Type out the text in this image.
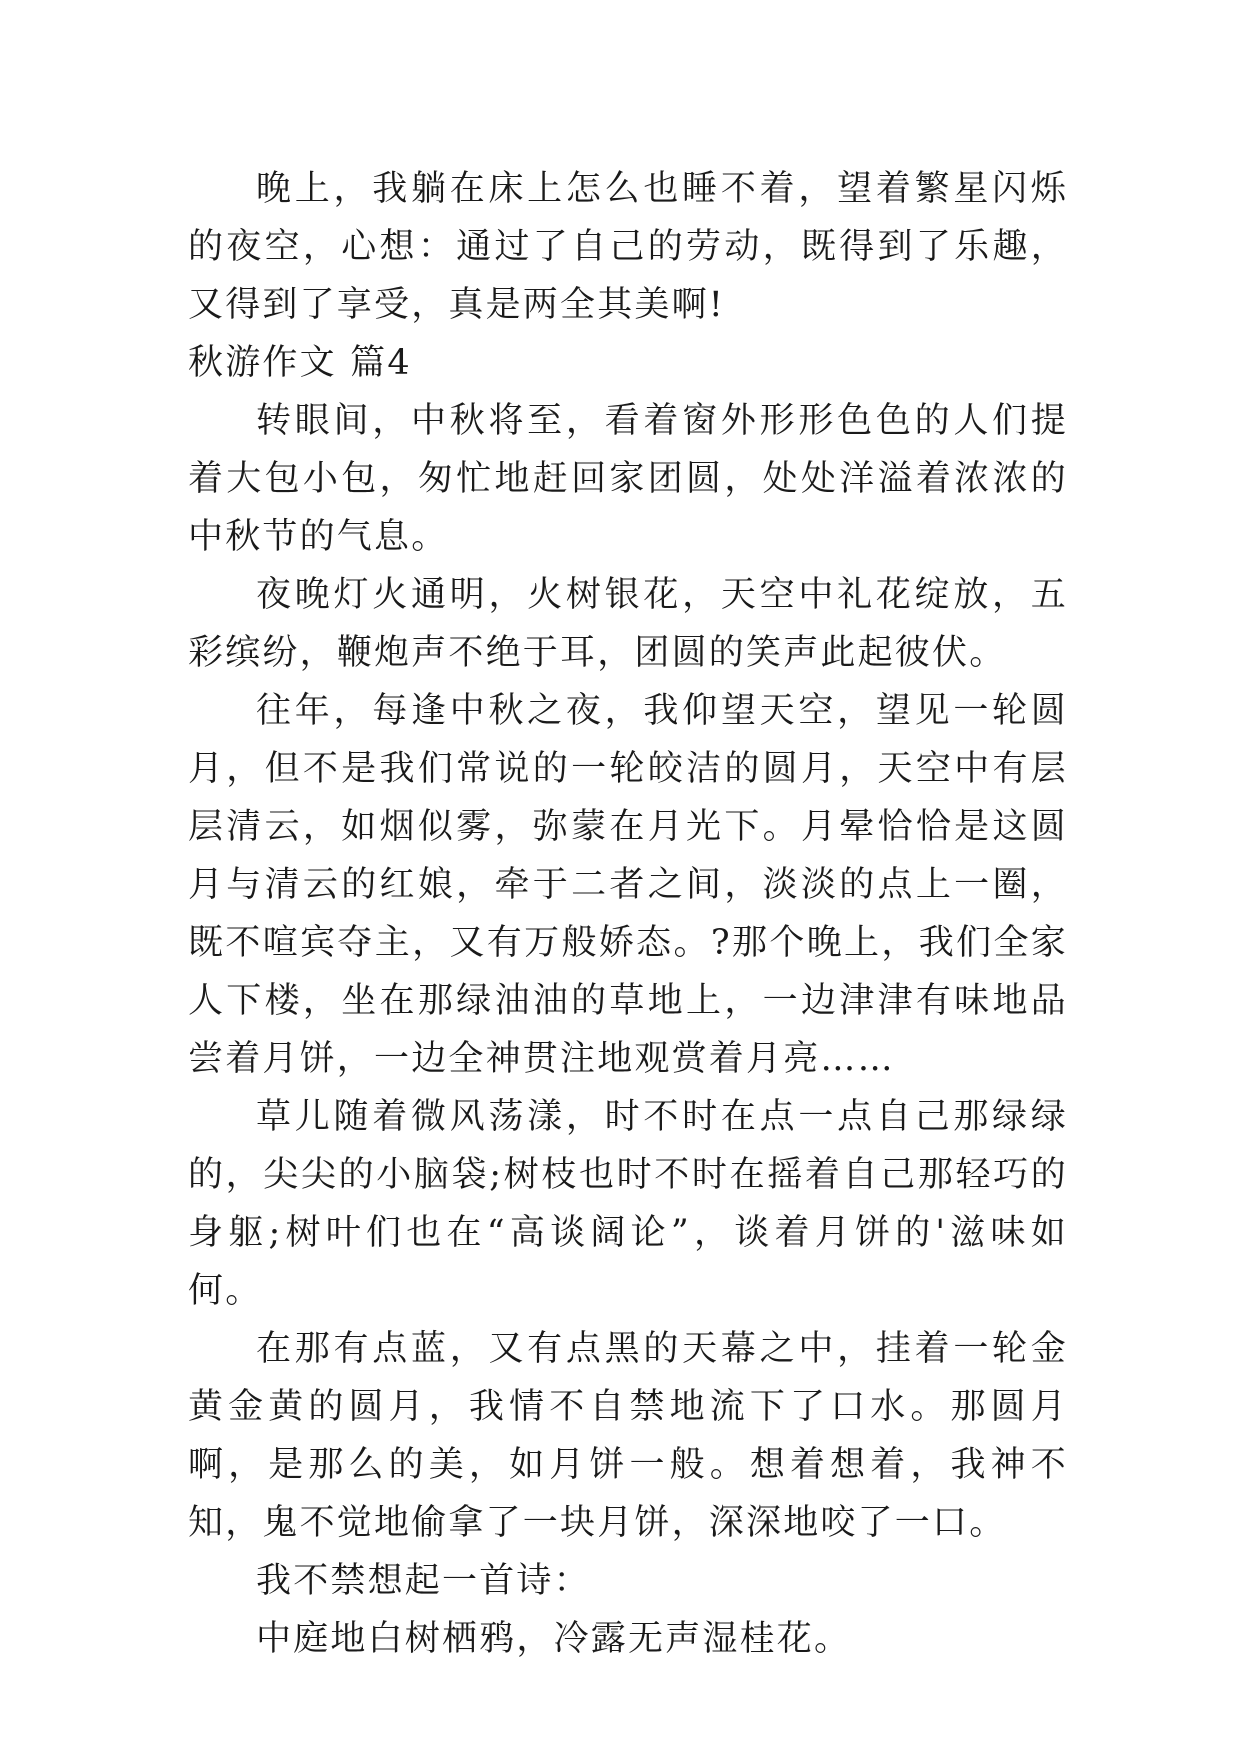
晚上，我躺在床上怎么也睡不着，望着繁星闪烁的夜空，心想：通过了自己的劳动，既得到了乐趣，又得到了享受，真是两全其美啊!

秋游作文 篇4

转眼间，中秋将至，看着窗外形形色色的人们提着大包小包，匆忙地赶回家团圆，处处洋溢着浓浓的中秋节的气息。

夜晚灯火通明，火树银花，天空中礼花绽放，五彩缤纷，鞭炮声不绝于耳，团圆的笑声此起彼伏。

往年，每逢中秋之夜，我仰望天空，望见一轮圆月，但不是我们常说的一轮皎洁的圆月，天空中有层层清云，如烟似雾，弥蒙在月光下。月晕恰恰是这圆月与清云的红娘，牵于二者之间，淡淡的点上一圈，既不喧宾夺主，又有万般娇态。?那个晚上，我们全家人下楼，坐在那绿油油的草地上，一边津津有味地品尝着月饼，一边全神贯注地观赏着月亮……

草儿随着微风荡漾，时不时在点一点自己那绿绿的，尖尖的小脑袋;树枝也时不时在摇着自己那轻巧的身躯;树叶们也在“高谈阔论”，谈着月饼的'滋味如何。

在那有点蓝，又有点黑的天幕之中，挂着一轮金黄金黄的圆月，我情不自禁地流下了口水。那圆月啊，是那么的美，如月饼一般。想着想着，我神不知，鬼不觉地偷拿了一块月饼，深深地咬了一口。

我不禁想起一首诗：

中庭地白树栖鸦，冷露无声湿桂花。
